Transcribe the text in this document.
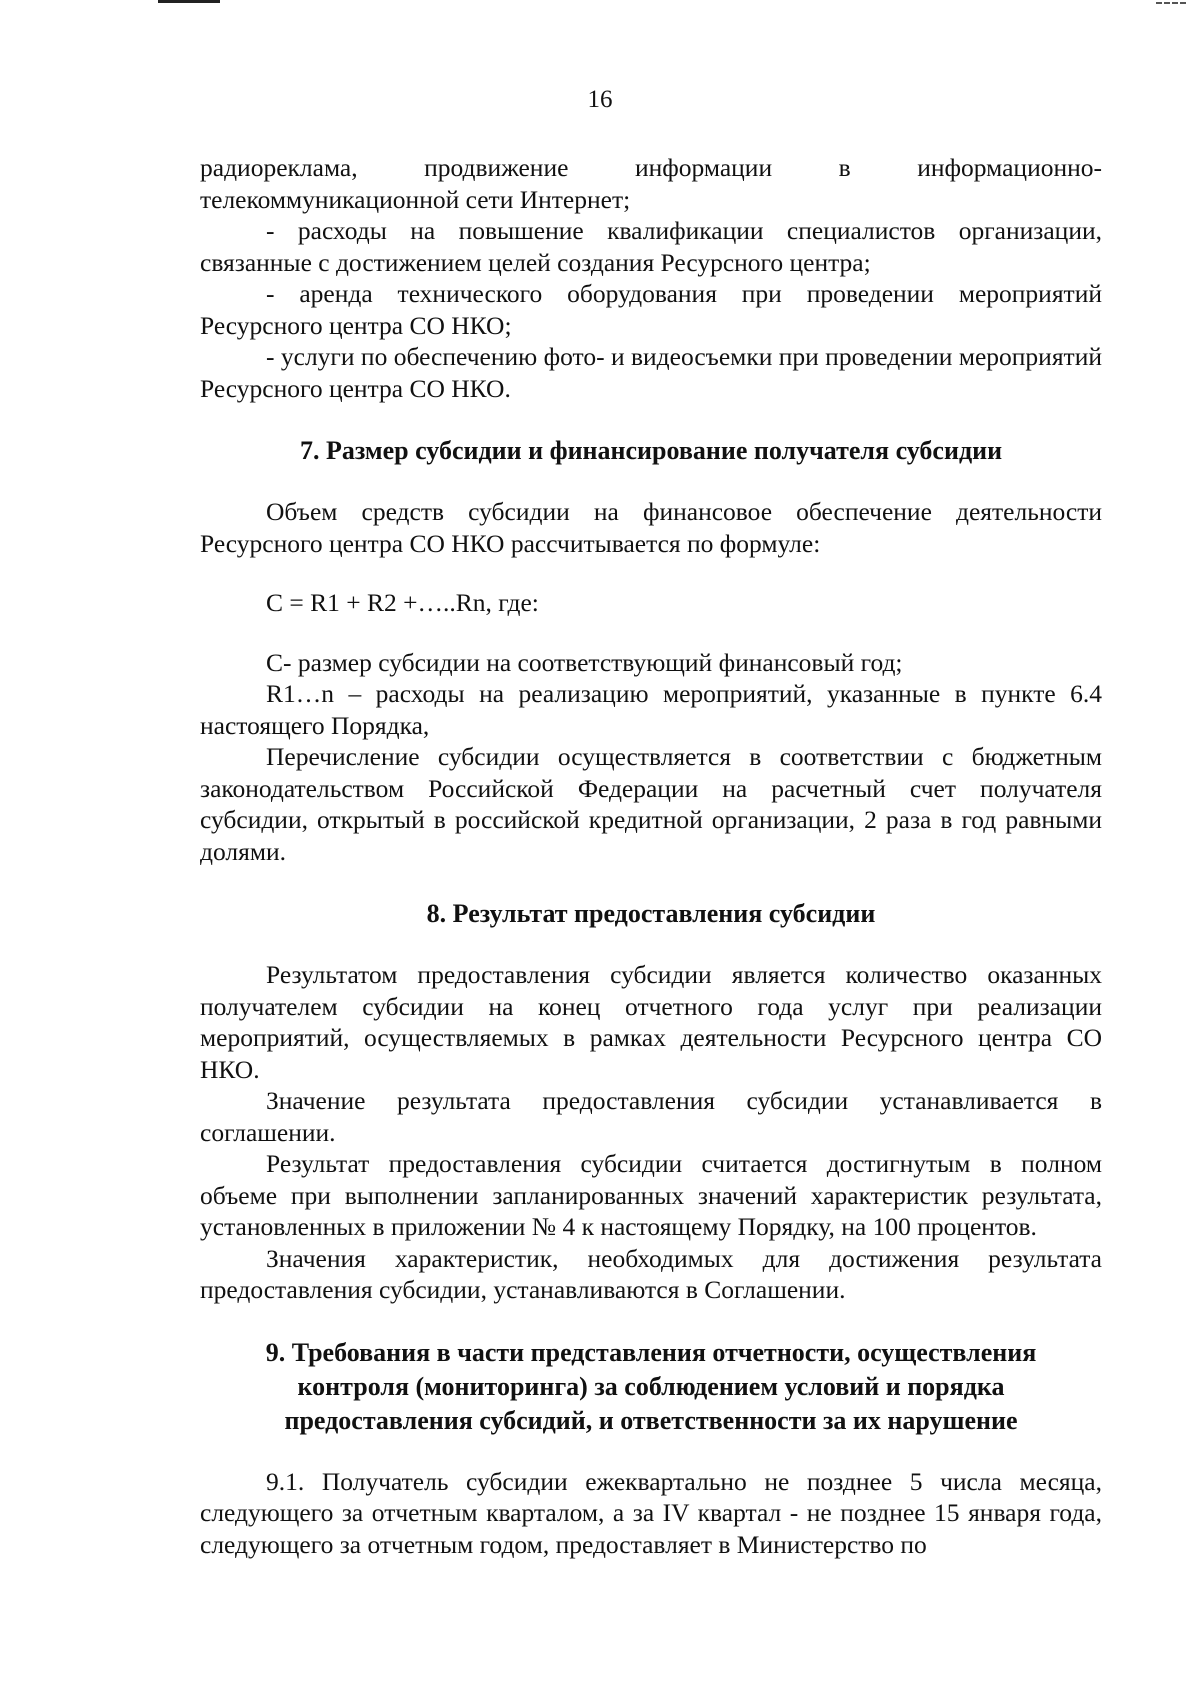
16

радиореклама, продвижение информации в информационно-телекоммуникационной сети Интернет;

- расходы на повышение квалификации специалистов организации, связанные с достижением целей создания Ресурсного центра;

- аренда технического оборудования при проведении мероприятий Ресурсного центра СО НКО;

- услуги по обеспечению фото- и видеосъемки при проведении мероприятий Ресурсного центра СО НКО.

7. Размер субсидии и финансирование получателя субсидии

Объем средств субсидии на финансовое обеспечение деятельности Ресурсного центра СО НКО рассчитывается по формуле:

С = R1 + R2 +…..Rn, где:

С- размер субсидии на соответствующий финансовый год;

R1…n – расходы на реализацию мероприятий, указанные в пункте 6.4 настоящего Порядка,

Перечисление субсидии осуществляется в соответствии с бюджетным законодательством Российской Федерации на расчетный счет получателя субсидии, открытый в российской кредитной организации, 2 раза в год равными долями.

8. Результат предоставления субсидии

Результатом предоставления субсидии является количество оказанных получателем субсидии на конец отчетного года услуг при реализации мероприятий, осуществляемых в рамках деятельности Ресурсного центра СО НКО.

Значение результата предоставления субсидии устанавливается в соглашении.

Результат предоставления субсидии считается достигнутым в полном объеме при выполнении запланированных значений характеристик результата, установленных в приложении № 4 к настоящему Порядку, на 100 процентов.

Значения характеристик, необходимых для достижения результата предоставления субсидии, устанавливаются в Соглашении.

9. Требования в части представления отчетности, осуществления

контроля (мониторинга) за соблюдением условий и порядка

предоставления субсидий, и ответственности за их нарушение

9.1. Получатель субсидии ежеквартально не позднее 5 числа месяца, следующего за отчетным кварталом, а за IV квартал - не позднее 15 января года, следующего за отчетным годом, предоставляет в Министерство по
